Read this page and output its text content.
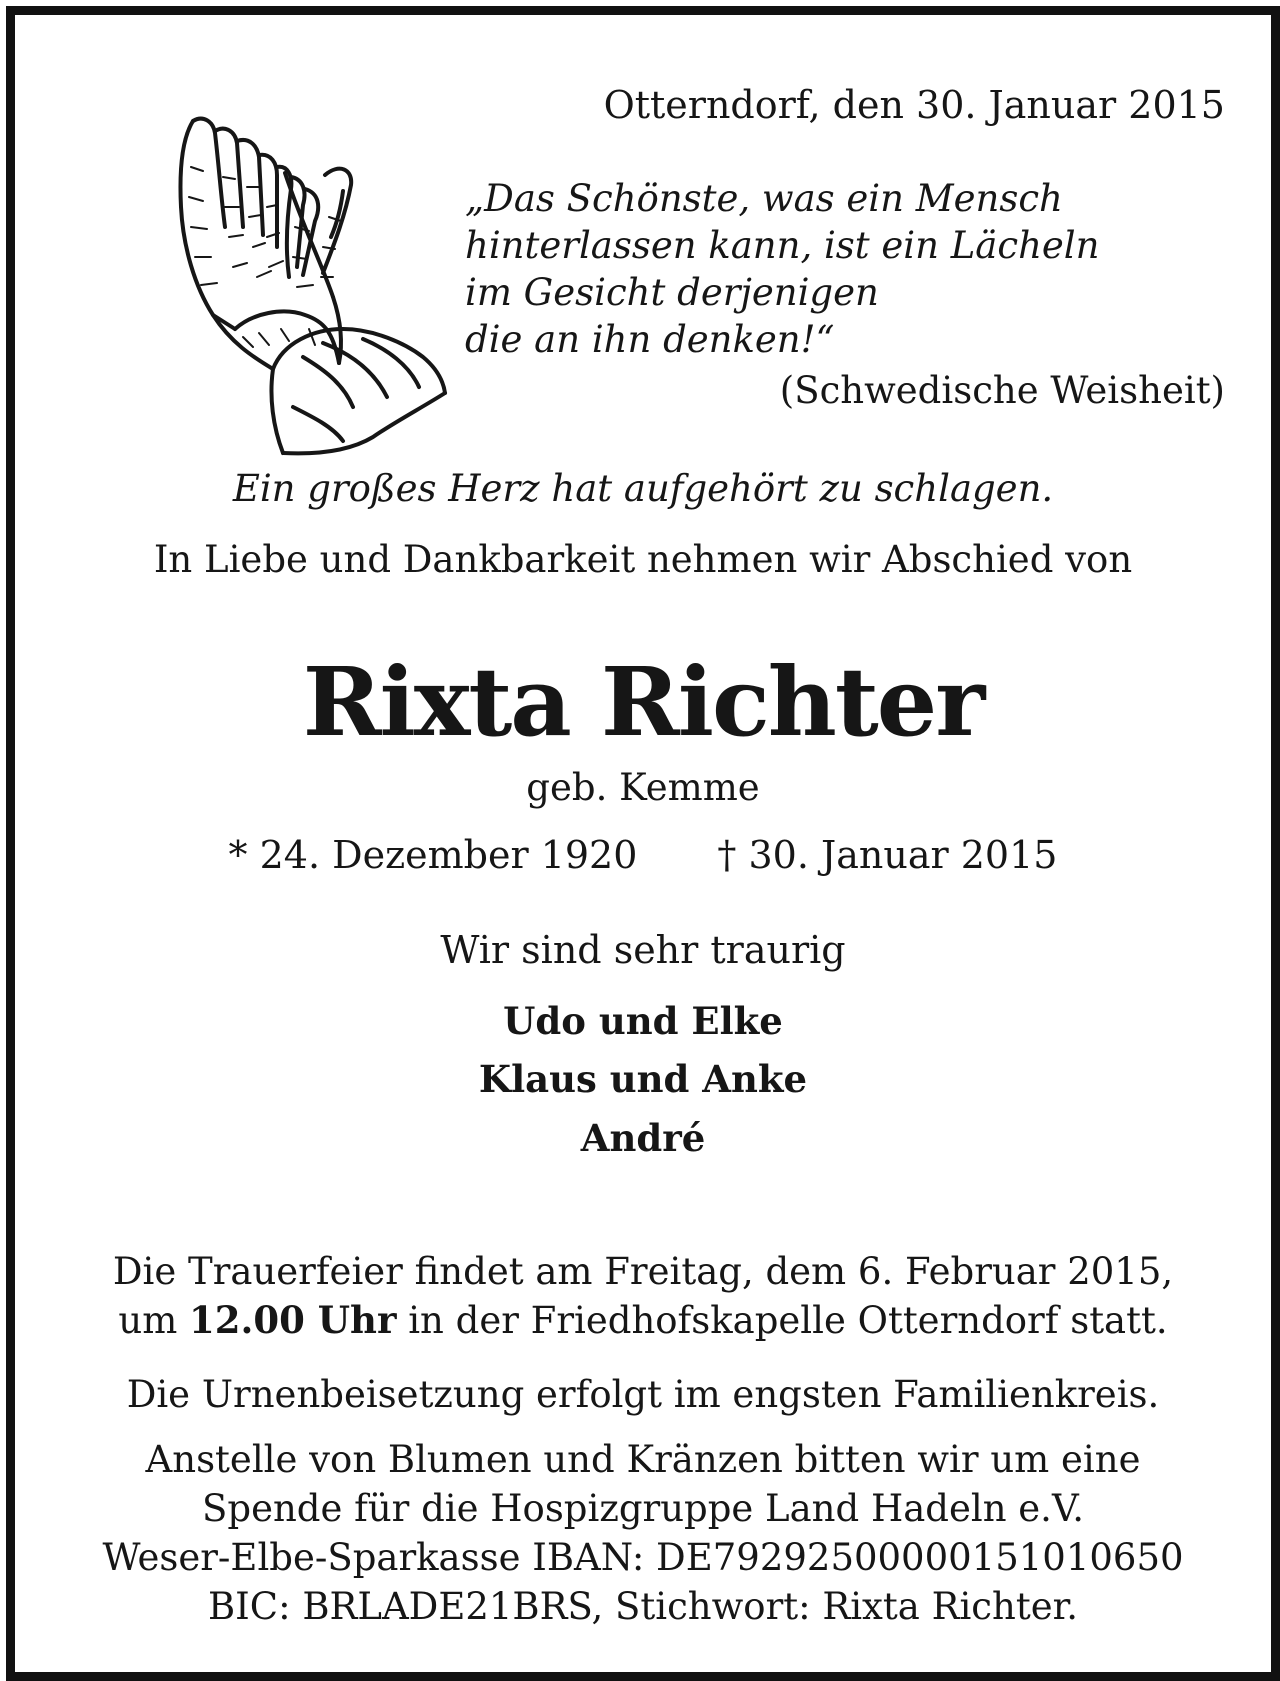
Otterndorf, den 30. Januar 2015
„Das Schönste, was ein Mensch
hinterlassen kann, ist ein Lächeln
im Gesicht derjenigen
die an ihn denken!“
(Schwedische Weisheit)
Ein großes Herz hat aufgehört zu schlagen.
In Liebe und Dankbarkeit nehmen wir Abschied von
Rixta Richter
geb. Kemme
* 24. Dezember 1920 † 30. Januar 2015
Wir sind sehr traurig
Udo und Elke
Klaus und Anke
André
Die Trauerfeier findet am Freitag, dem 6. Februar 2015,
um 12.00 Uhr in der Friedhofskapelle Otterndorf statt.
Die Urnenbeisetzung erfolgt im engsten Familienkreis.
Anstelle von Blumen und Kränzen bitten wir um eine
Spende für die Hospizgruppe Land Hadeln e.V.
Weser-Elbe-Sparkasse IBAN: DE79292500000151010650
BIC: BRLADE21BRS, Stichwort: Rixta Richter.
